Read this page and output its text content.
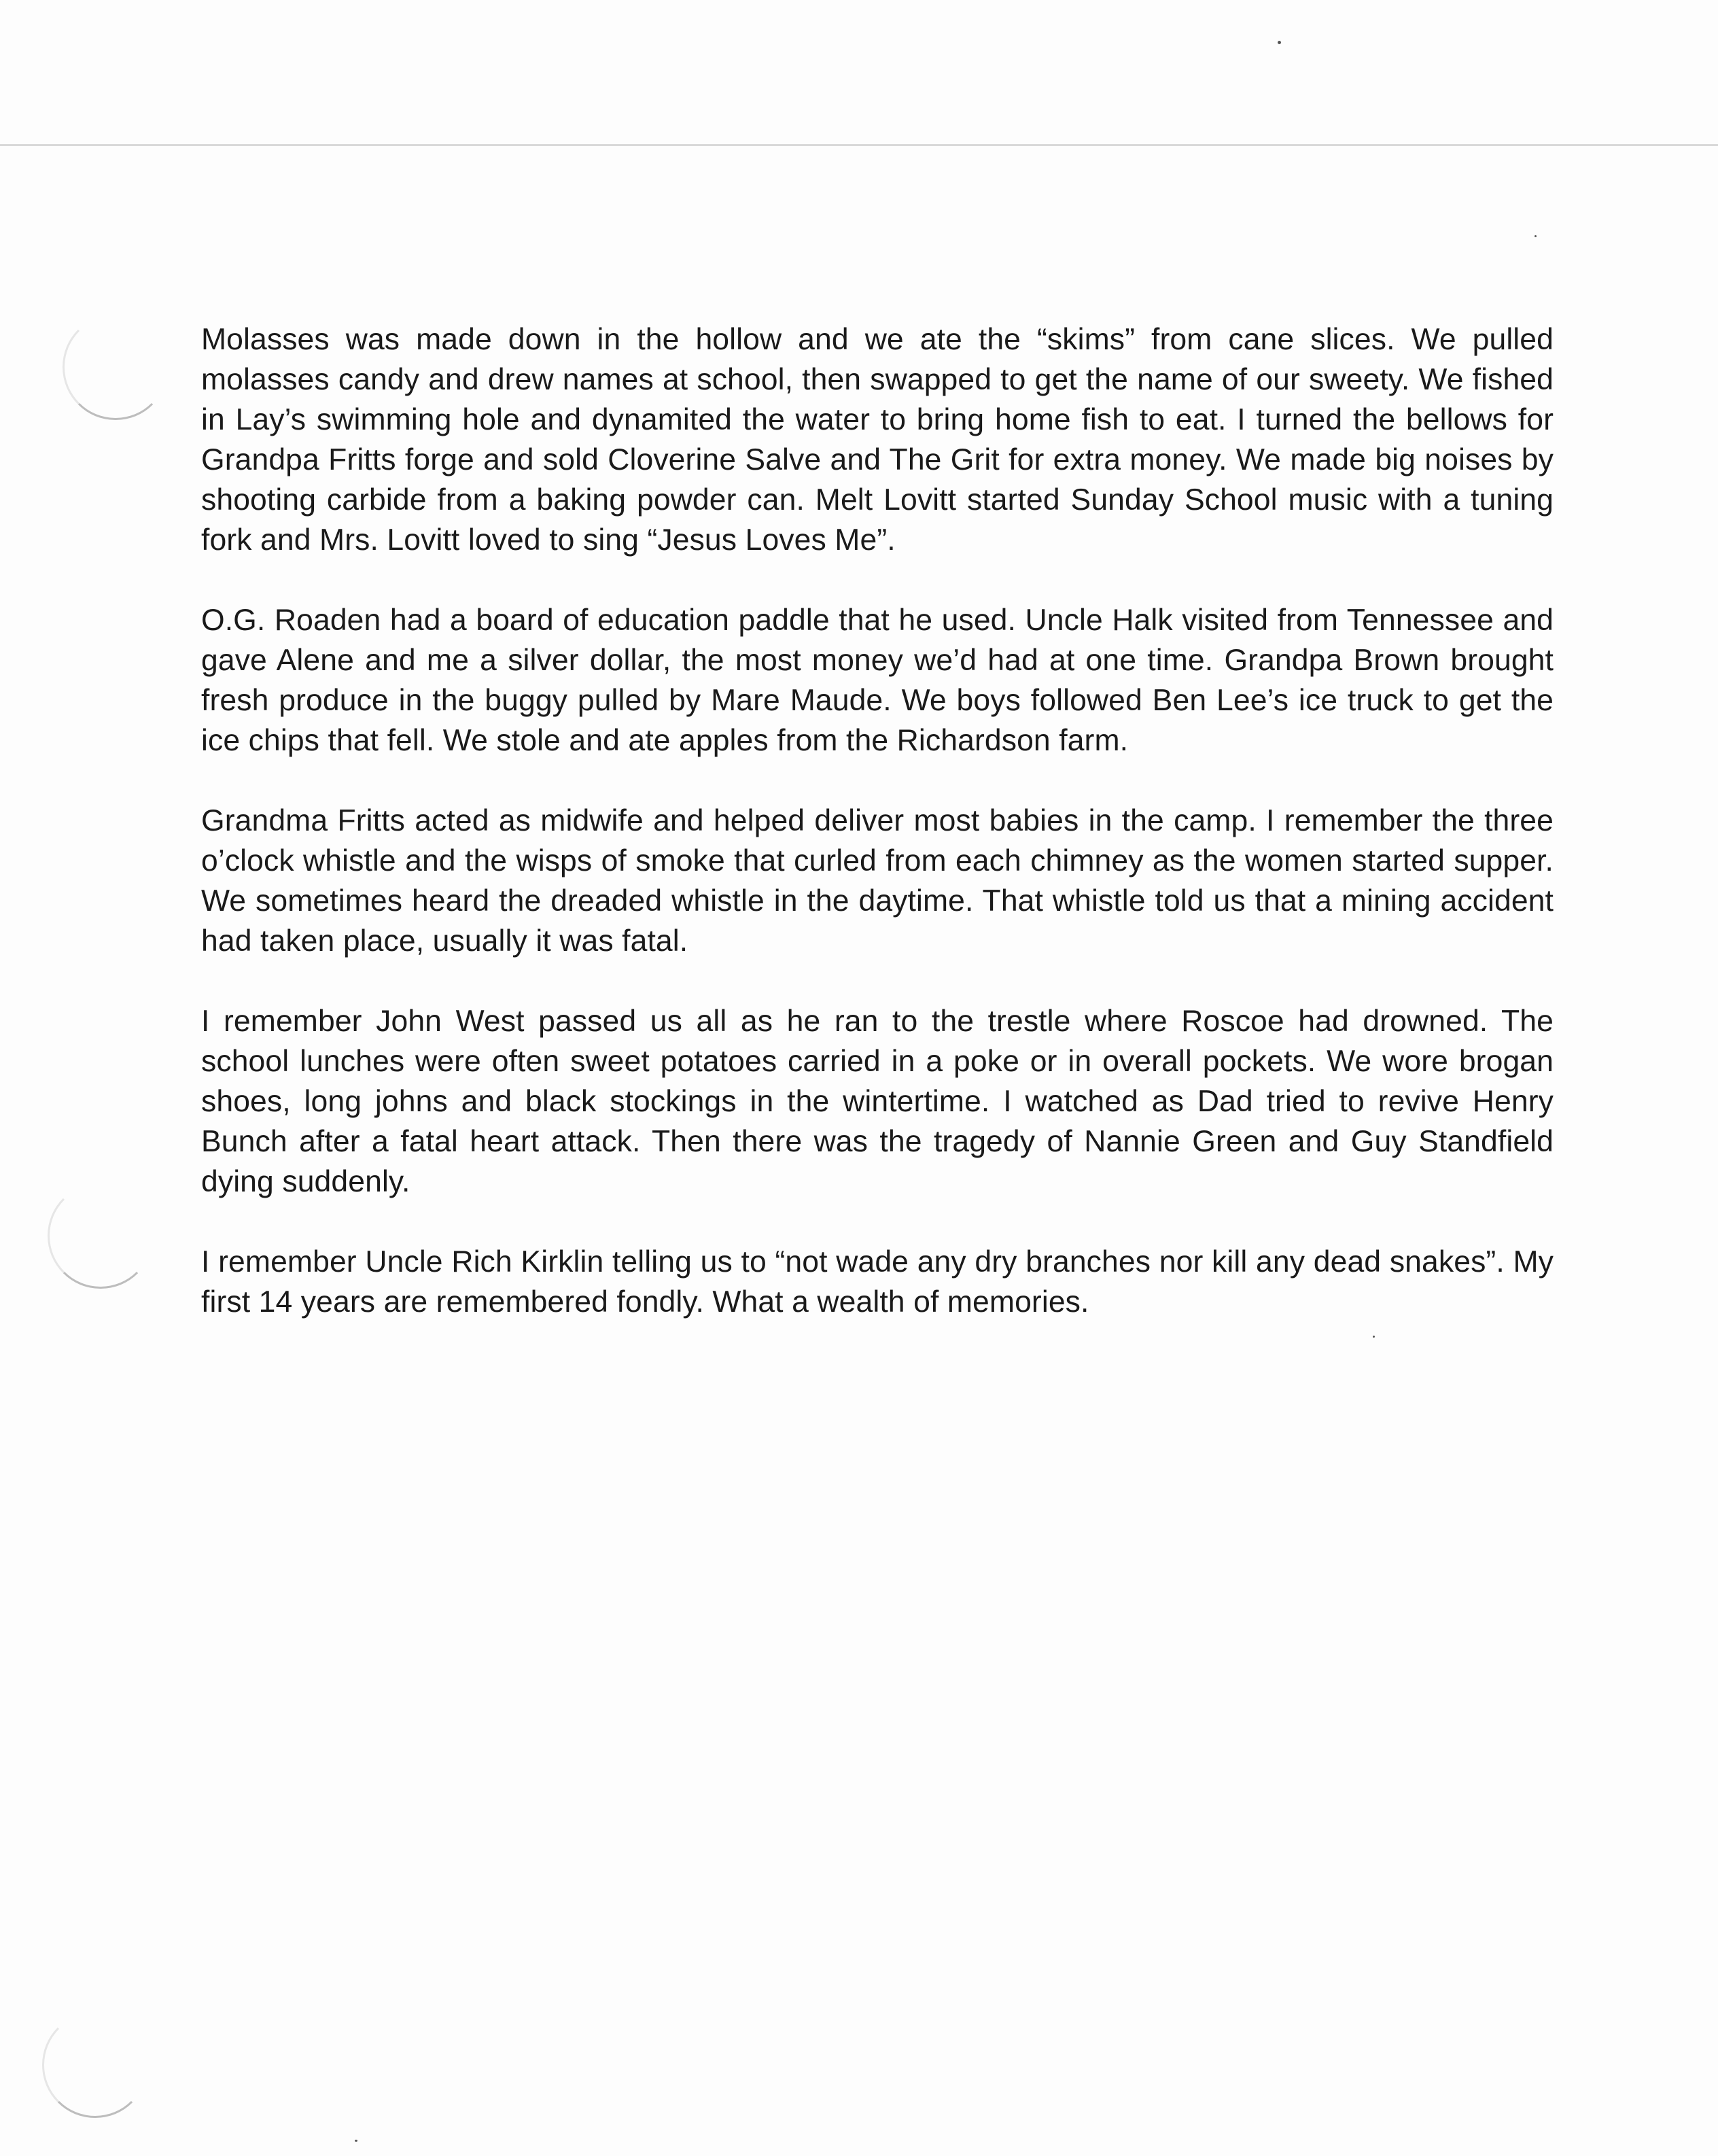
Molasses was made down in the hollow and we ate the “skims” from cane slices. We pulled molasses candy and drew names at school, then swapped to get the name of our sweety. We fished in Lay’s swimming hole and dynamited the water to bring home fish to eat. I turned the bellows for Grandpa Fritts forge and sold Cloverine Salve and The Grit for extra money. We made big noises by shooting carbide from a baking powder can. Melt Lovitt started Sunday School music with a tuning fork and Mrs. Lovitt loved to sing “Jesus Loves Me”.

O.G. Roaden had a board of education paddle that he used. Uncle Halk visited from Tennessee and gave Alene and me a silver dollar, the most money we’d had at one time. Grandpa Brown brought fresh produce in the buggy pulled by Mare Maude. We boys followed Ben Lee’s ice truck to get the ice chips that fell. We stole and ate apples from the Richardson farm.

Grandma Fritts acted as midwife and helped deliver most babies in the camp. I remember the three o’clock whistle and the wisps of smoke that curled from each chimney as the women started supper. We sometimes heard the dreaded whistle in the daytime. That whistle told us that a mining accident had taken place, usually it was fatal.

I remember John West passed us all as he ran to the trestle where Roscoe had drowned. The school lunches were often sweet potatoes carried in a poke or in overall pockets. We wore brogan shoes, long johns and black stockings in the wintertime. I watched as Dad tried to revive Henry Bunch after a fatal heart attack. Then there was the tragedy of Nannie Green and Guy Standfield dying suddenly.

I remember Uncle Rich Kirklin telling us to “not wade any dry branches nor kill any dead snakes”. My first 14 years are remembered fondly. What a wealth of memories.
